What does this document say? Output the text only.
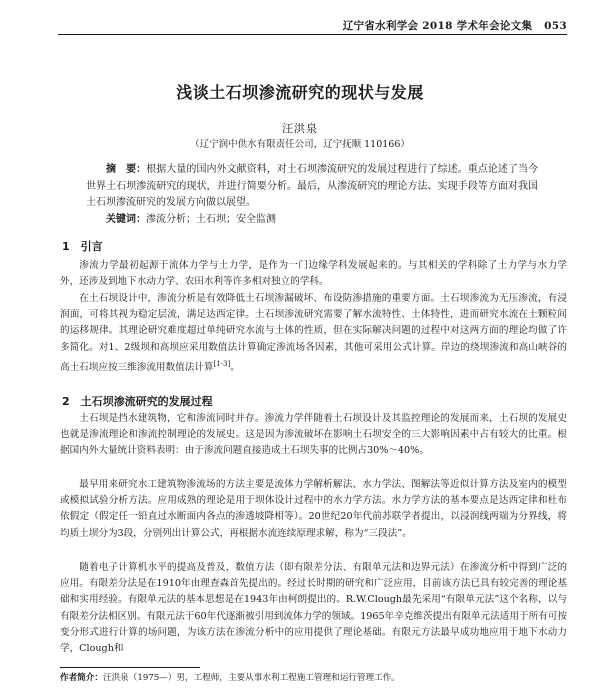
辽宁省水利学会 2018 学术年会论文集 053
浅谈土石坝渗流研究的现状与发展
汪洪泉
（辽宁润中供水有限责任公司，辽宁抚顺 110166）
摘　要：根据大量的国内外文献资料，对土石坝渗流研究的发展过程进行了综述。重点论述了当今世界土石坝渗流研究的现状，并进行简要分析。最后，从渗流研究的理论方法、实现手段等方面对我国土石坝渗流研究的发展方向做以展望。
关键词：渗流分析；土石坝；安全监测
1　引言
渗流力学最初起源于流体力学与土力学，是作为一门边缘学科发展起来的。与其相关的学科除了土力学与水力学外，还涉及到地下水动力学、农田水利等许多相对独立的学科。
在土石坝设计中，渗流分析是有效降低土石坝渗漏破坏、布设防渗措施的重要方面。土石坝渗流为无压渗流，有浸润面，可将其视为稳定层流，满足达西定律。土石坝渗流研究需要了解水流特性、土体特性，进而研究水流在土颗粒间的运移规律。其理论研究难度超过单纯研究水流与土体的性质，但在实际解决问题的过程中对这两方面的理论均做了许多简化。对1、2级坝和高坝应采用数值法计算确定渗流场各因素，其他可采用公式计算。岸边的绕坝渗流和高山峡谷的高土石坝应按三维渗流用数值法计算[1-3]。
2　土石坝渗流研究的发展过程
土石坝是挡水建筑物，它和渗流同时并存。渗流力学伴随着土石坝设计及其监控理论的发展而来，土石坝的发展史也就是渗流理论和渗流控制理论的发展史。这是因为渗流破坏在影响土石坝安全的三大影响因素中占有较大的比重。根据国内外大量统计资料表明：由于渗流问题直接造成土石坝失事的比例占30%～40%。
最早用来研究水工建筑物渗流场的方法主要是流体力学解析解法、水力学法、图解法等近似计算方法及室内的模型或模拟试验分析方法。应用成熟的理论是用于坝体设计过程中的水力学方法。水力学方法的基本要点是达西定律和杜布依假定（假定任一铅直过水断面内各点的渗透坡降相等）。20世纪20年代前苏联学者提出，以浸润线两端为分界线，将均质土坝分为3段，分别列出计算公式，再根据水流连续原理求解，称为“三段法”。
随着电子计算机水平的提高及普及，数值方法（即有限差分法、有限单元法和边界元法）在渗流分析中得到广泛的应用。有限差分法是在1910年由理查森首先提出的。经过长时期的研究和广泛应用，目前该方法已具有较完善的理论基础和实用经验。有限单元法的基本思想是在1943年由柯朗提出的。R.W.Clough最先采用“有限单元法”这个名称，以与有限差分法相区别。有限元法于60年代逐渐被引用到流体力学的领域。1965年辛克维茨提出有限单元法适用于所有可按变分形式进行计算的场问题，为该方法在渗流分析中的应用提供了理论基础。有限元方法最早成功地应用于地下水动力学，Clough和
作者简介：汪洪泉（1975—）男，工程师，主要从事水利工程施工管理和运行管理工作。
